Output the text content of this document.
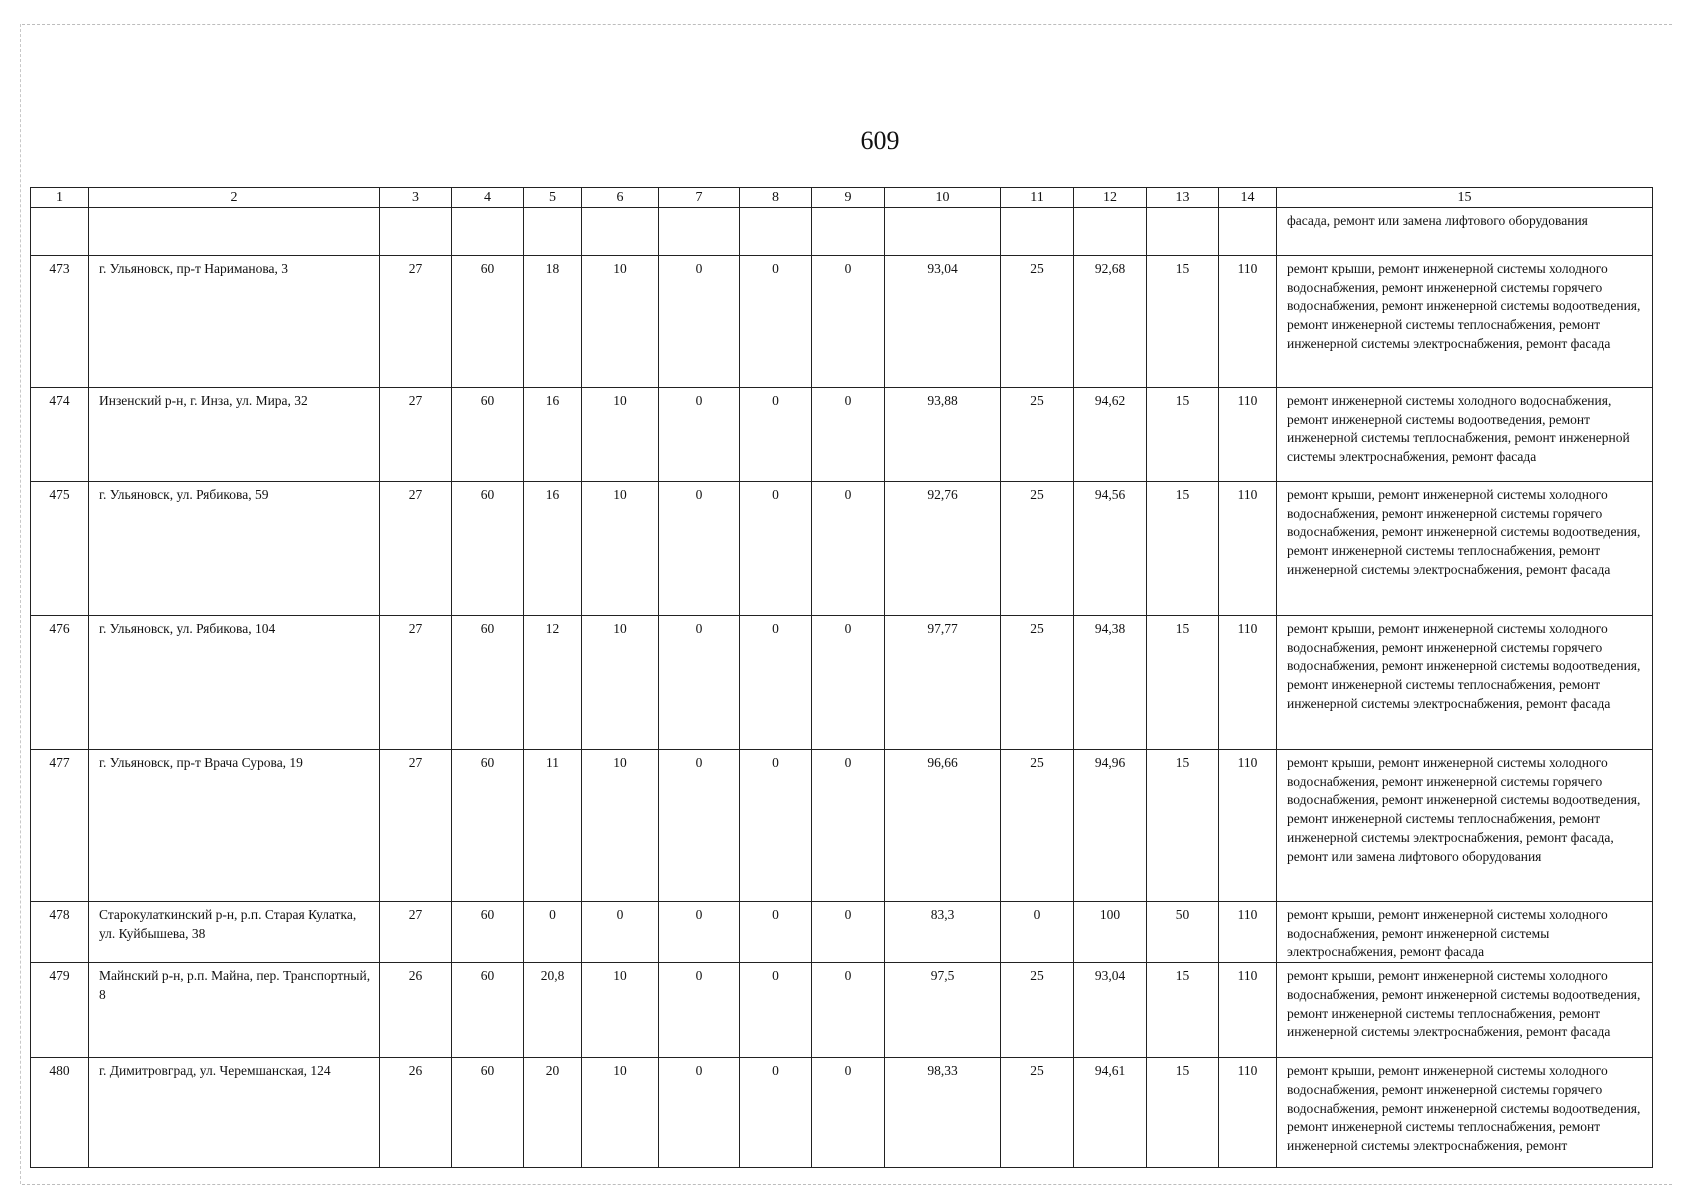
609
1	2	3	4	5	6	7	8	9	10	11	12	13	14	15
														фасада, ремонт или замена лифтового оборудования
473	г. Ульяновск, пр-т Нариманова, 3	27	60	18	10	0	0	0	93,04	25	92,68	15	110	ремонт крыши, ремонт инженерной системы холодного водоснабжения, ремонт инженерной системы горячего водоснабжения, ремонт инженерной системы водоотведения, ремонт инженерной системы теплоснабжения, ремонт инженерной системы электроснабжения, ремонт фасада
474	Инзенский р-н, г. Инза, ул. Мира, 32	27	60	16	10	0	0	0	93,88	25	94,62	15	110	ремонт инженерной системы холодного водоснабжения, ремонт инженерной системы водоотведения, ремонт инженерной системы теплоснабжения, ремонт инженерной системы электроснабжения, ремонт фасада
475	г. Ульяновск, ул. Рябикова, 59	27	60	16	10	0	0	0	92,76	25	94,56	15	110	ремонт крыши, ремонт инженерной системы холодного водоснабжения, ремонт инженерной системы горячего водоснабжения, ремонт инженерной системы водоотведения, ремонт инженерной системы теплоснабжения, ремонт инженерной системы электроснабжения, ремонт фасада
476	г. Ульяновск, ул. Рябикова, 104	27	60	12	10	0	0	0	97,77	25	94,38	15	110	ремонт крыши, ремонт инженерной системы холодного водоснабжения, ремонт инженерной системы горячего водоснабжения, ремонт инженерной системы водоотведения, ремонт инженерной системы теплоснабжения, ремонт инженерной системы электроснабжения, ремонт фасада
477	г. Ульяновск, пр-т Врача Сурова, 19	27	60	11	10	0	0	0	96,66	25	94,96	15	110	ремонт крыши, ремонт инженерной системы холодного водоснабжения, ремонт инженерной системы горячего водоснабжения, ремонт инженерной системы водоотведения, ремонт инженерной системы теплоснабжения, ремонт инженерной системы электроснабжения, ремонт фасада, ремонт или замена лифтового оборудования
478	Старокулаткинский р-н, р.п. Старая Кулатка, ул. Куйбышева, 38	27	60	0	0	0	0	0	83,3	0	100	50	110	ремонт крыши, ремонт инженерной системы холодного водоснабжения, ремонт инженерной системы электроснабжения, ремонт фасада
479	Майнский р-н, р.п. Майна, пер. Транспортный, 8	26	60	20,8	10	0	0	0	97,5	25	93,04	15	110	ремонт крыши, ремонт инженерной системы холодного водоснабжения, ремонт инженерной системы водоотведения, ремонт инженерной системы теплоснабжения, ремонт инженерной системы электроснабжения, ремонт фасада
480	г. Димитровград, ул. Черемшанская, 124	26	60	20	10	0	0	0	98,33	25	94,61	15	110	ремонт крыши, ремонт инженерной системы холодного водоснабжения, ремонт инженерной системы горячего водоснабжения, ремонт инженерной системы водоотведения, ремонт инженерной системы теплоснабжения, ремонт инженерной системы электроснабжения, ремонт
